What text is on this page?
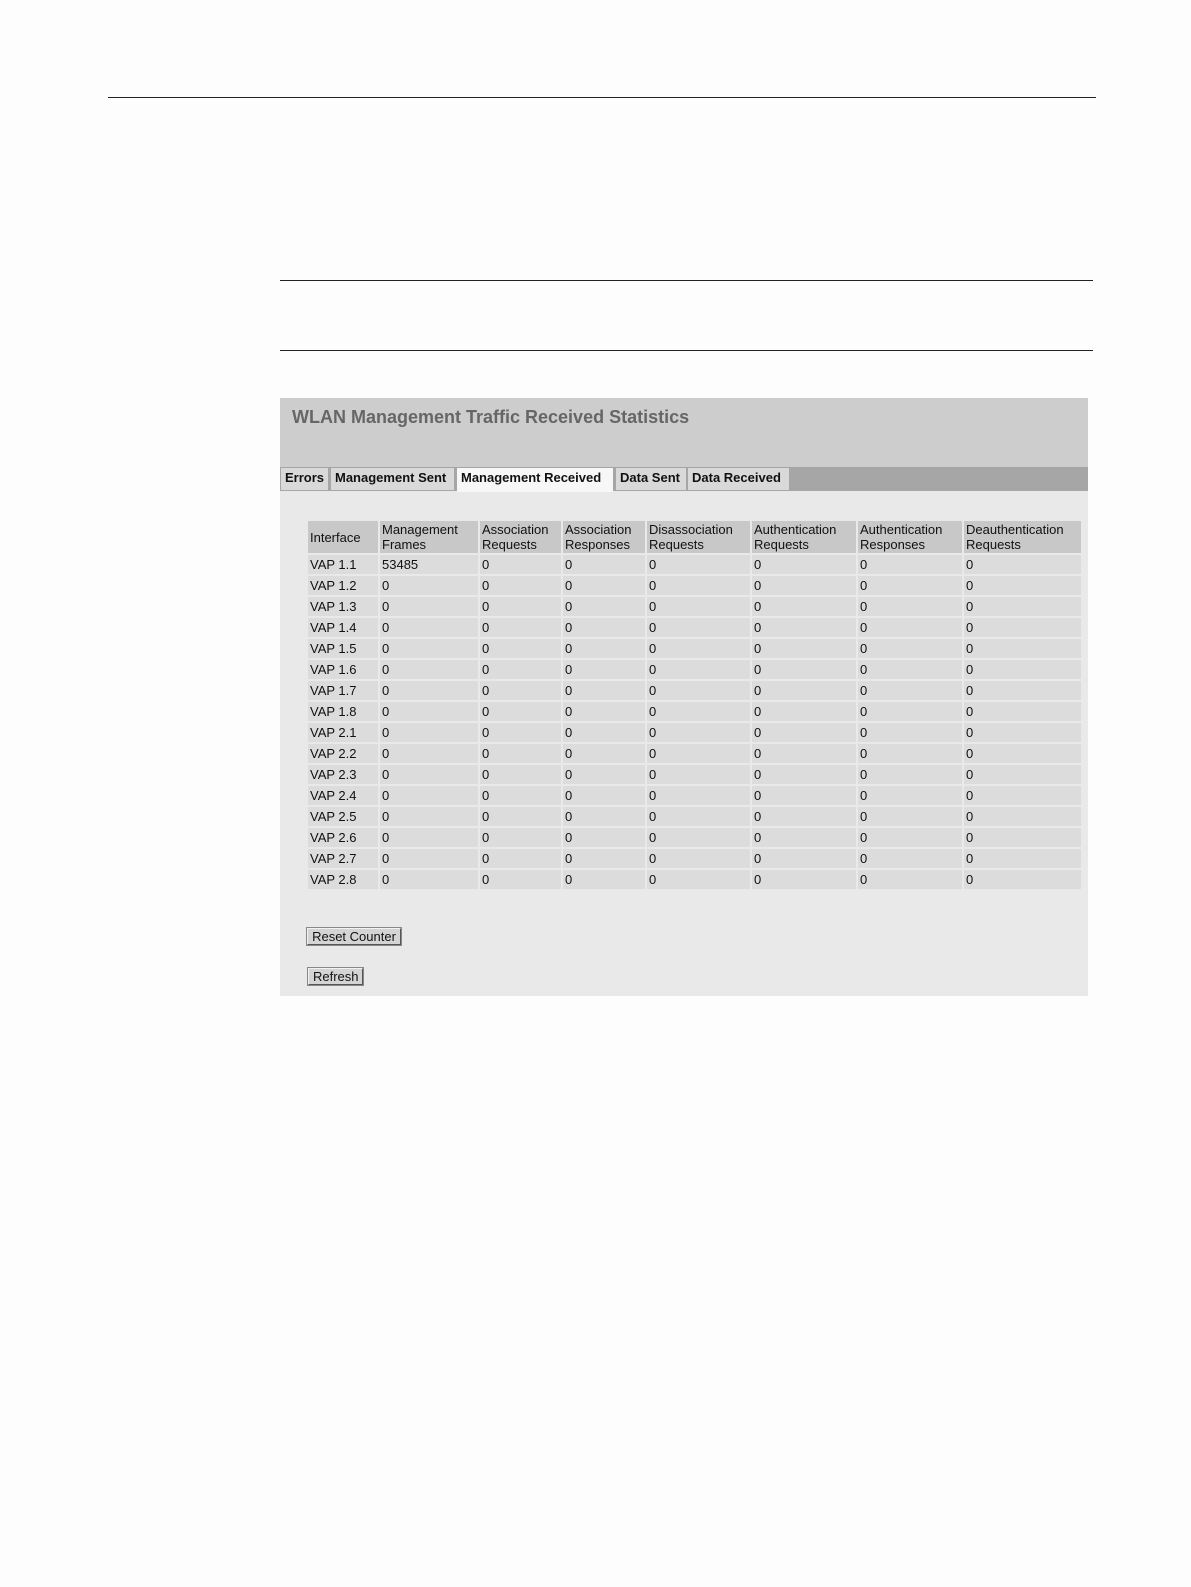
WLAN Management Traffic Received Statistics
Errors Management Sent	Management Received	Data Sent Data Received
Interface	Management Frames	Association Requests	Association Responses	Disassociation Requests	Authentication Requests	Authentication Responses	Deauthentication Requests
VAP 1.1	53485	0	0	0	0	0	0
VAP 1.2	0	0	0	0	0	0	0
VAP 1.3	0	0	0	0	0	0	0
VAP 1.4	0	0	0	0	0	0	0
VAP 1.5	0	0	0	0	0	0	0
VAP 1.6	0	0	0	0	0	0	0
VAP 1.7	0	0	0	0	0	0	0
VAP 1.8	0	0	0	0	0	0	0
VAP 2.1	0	0	0	0	0	0	0
VAP 2.2	0	0	0	0	0	0	0
VAP 2.3	0	0	0	0	0	0	0
VAP 2.4	0	0	0	0	0	0	0
VAP 2.5	0	0	0	0	0	0	0
VAP 2.6	0	0	0	0	0	0	0
VAP 2.7	0	0	0	0	0	0	0
VAP 2.8	0	0	0	0	0	0	0
Reset Counter
Refresh
